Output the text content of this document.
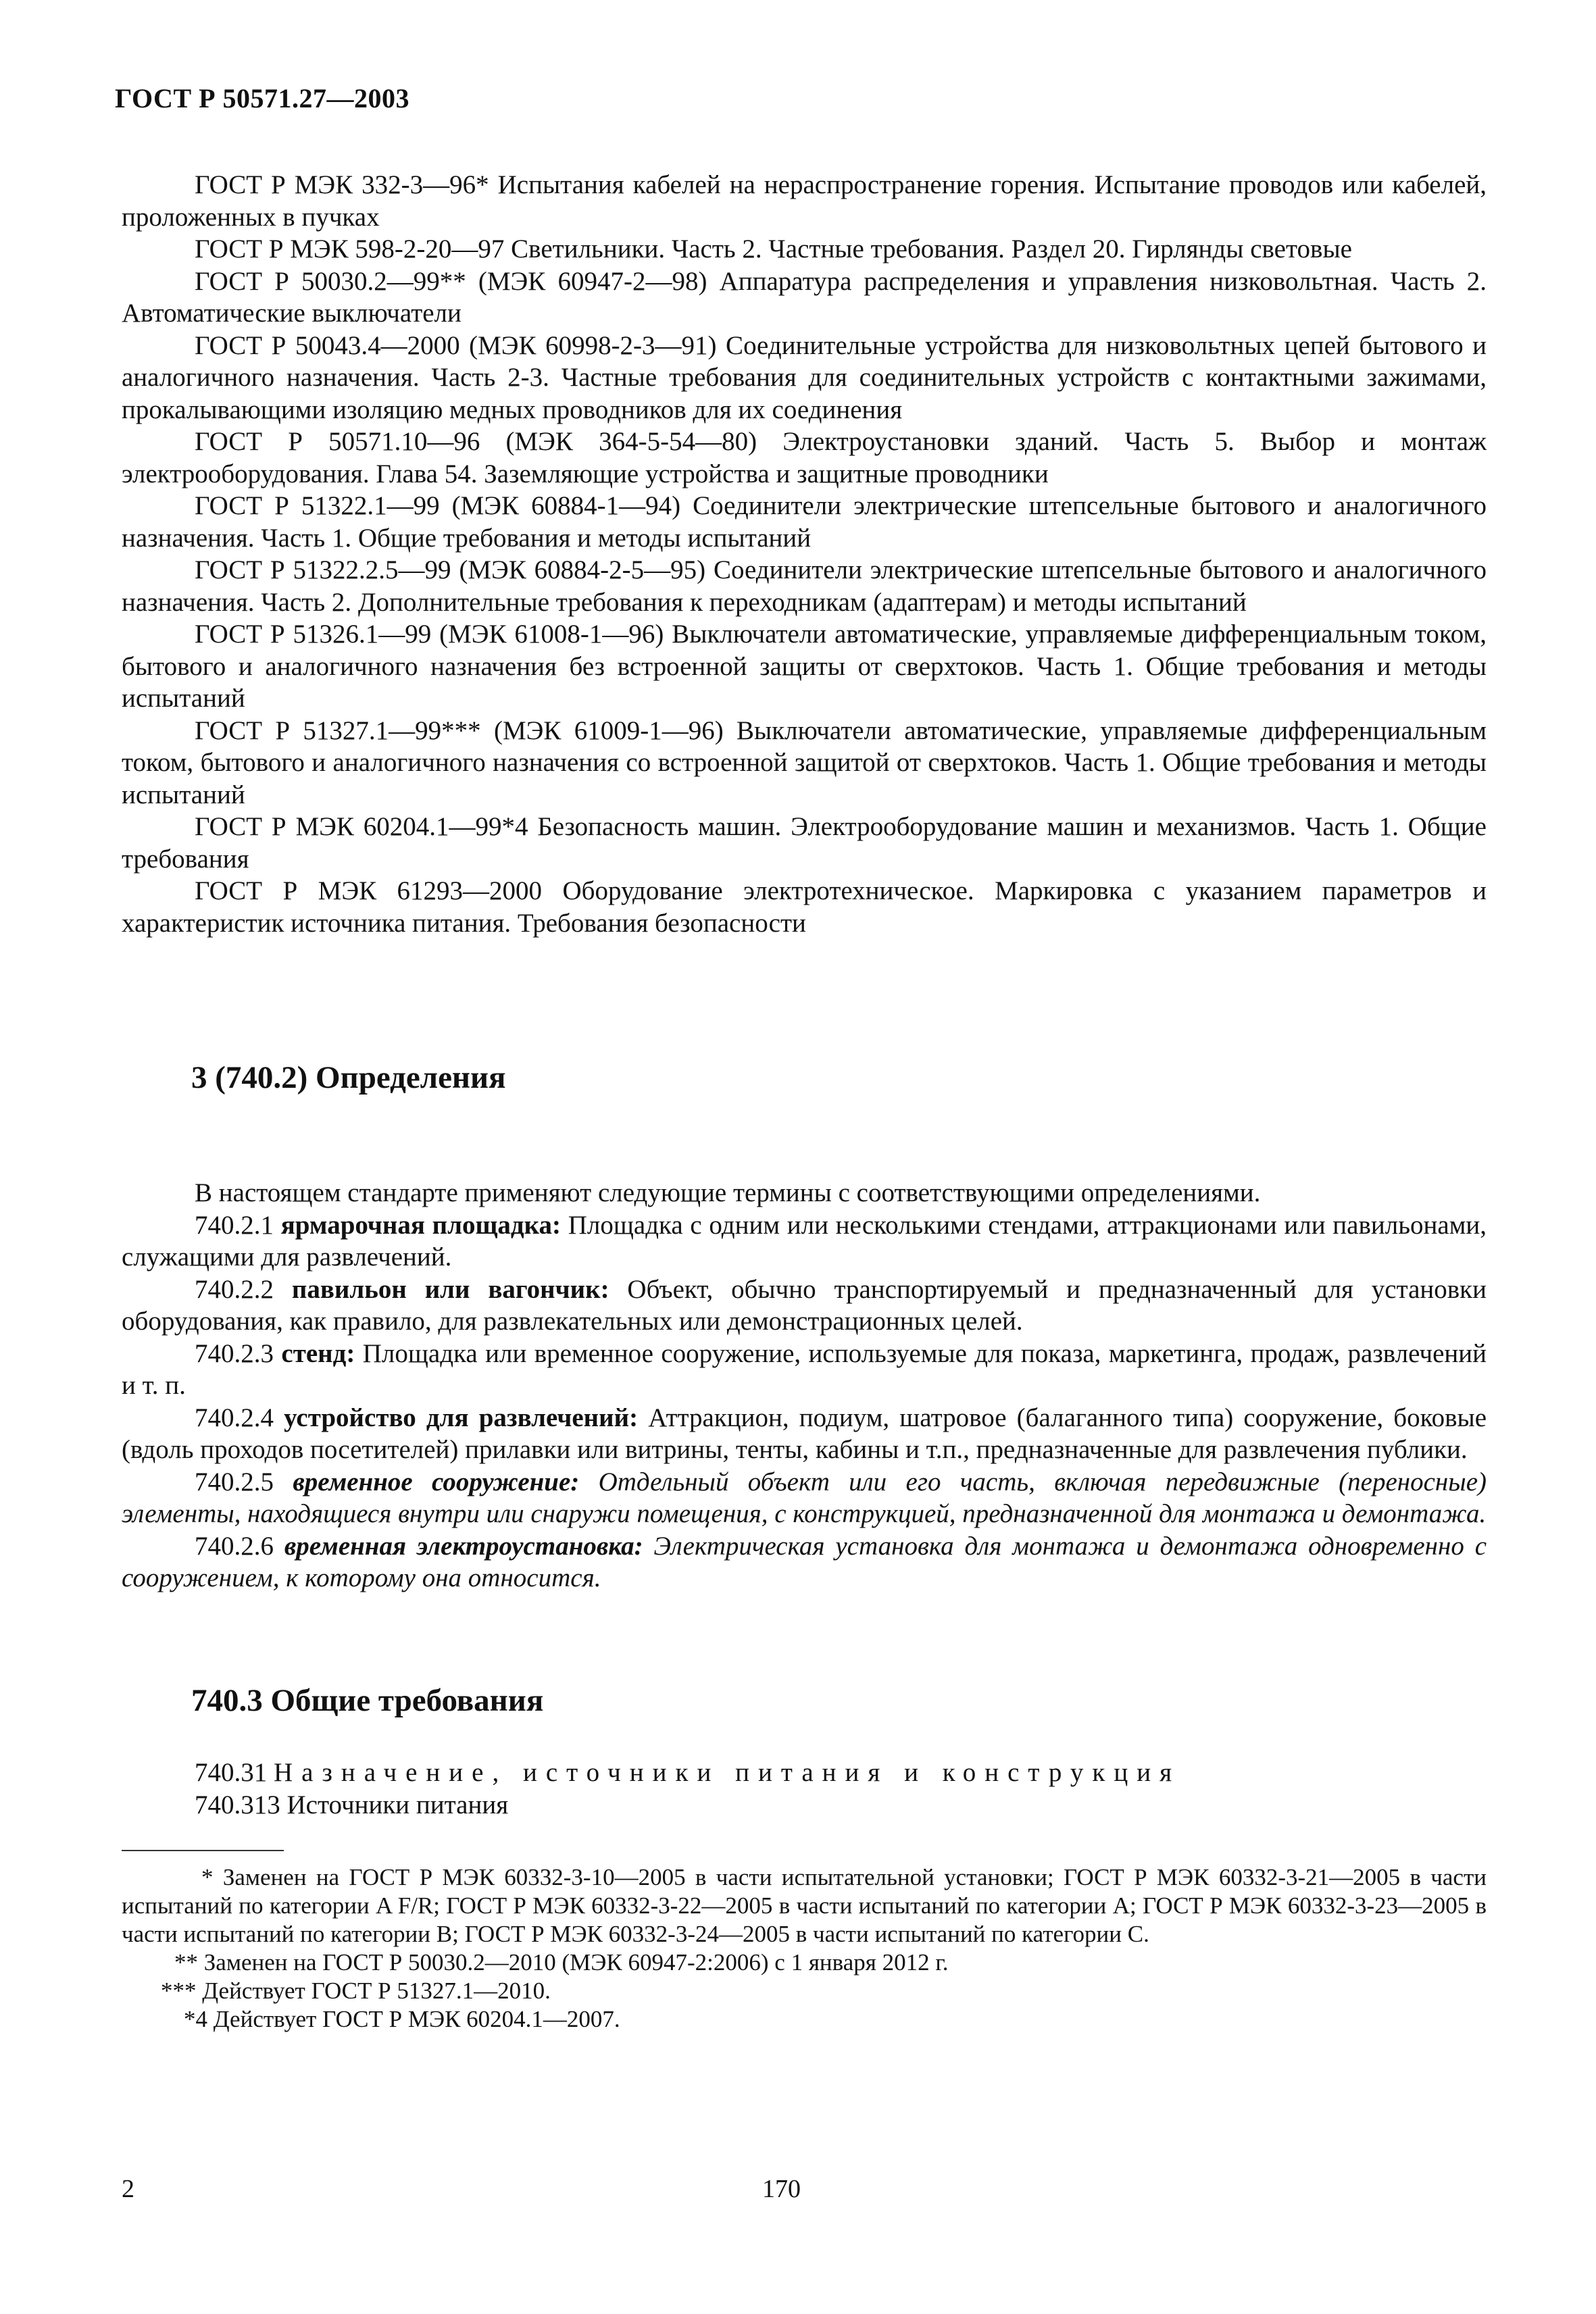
ГОСТ Р 50571.27—2003

ГОСТ Р МЭК 332-3—96* Испытания кабелей на нераспространение горения. Испытание проводов или кабелей, проложенных в пучках

ГОСТ Р МЭК 598-2-20—97 Светильники. Часть 2. Частные требования. Раздел 20. Гирлянды световые

ГОСТ Р 50030.2—99** (МЭК 60947-2—98) Аппаратура распределения и управления низковольтная. Часть 2. Автоматические выключатели

ГОСТ Р 50043.4—2000 (МЭК 60998-2-3—91) Соединительные устройства для низковольтных цепей бытового и аналогичного назначения. Часть 2-3. Частные требования для соединительных устройств с контактными зажимами, прокалывающими изоляцию медных проводников для их соединения

ГОСТ Р 50571.10—96 (МЭК 364-5-54—80) Электроустановки зданий. Часть 5. Выбор и монтаж электрооборудования. Глава 54. Заземляющие устройства и защитные проводники

ГОСТ Р 51322.1—99 (МЭК 60884-1—94) Соединители электрические штепсельные бытового и аналогичного назначения. Часть 1. Общие требования и методы испытаний

ГОСТ Р 51322.2.5—99 (МЭК 60884-2-5—95) Соединители электрические штепсельные бытового и аналогичного назначения. Часть 2. Дополнительные требования к переходникам (адаптерам) и методы испытаний

ГОСТ Р 51326.1—99 (МЭК 61008-1—96) Выключатели автоматические, управляемые дифференциальным током, бытового и аналогичного назначения без встроенной защиты от сверхтоков. Часть 1. Общие требования и методы испытаний

ГОСТ Р 51327.1—99*** (МЭК 61009-1—96) Выключатели автоматические, управляемые дифференциальным током, бытового и аналогичного назначения со встроенной защитой от сверхтоков. Часть 1. Общие требования и методы испытаний

ГОСТ Р МЭК 60204.1—99*4 Безопасность машин. Электрооборудование машин и механизмов. Часть 1. Общие требования

ГОСТ Р МЭК 61293—2000 Оборудование электротехническое. Маркировка с указанием параметров и характеристик источника питания. Требования безопасности

3 (740.2) Определения

В настоящем стандарте применяют следующие термины с соответствующими определениями.

740.2.1 ярмарочная площадка: Площадка с одним или несколькими стендами, аттракционами или павильонами, служащими для развлечений.

740.2.2 павильон или вагончик: Объект, обычно транспортируемый и предназначенный для установки оборудования, как правило, для развлекательных или демонстрационных целей.

740.2.3 стенд: Площадка или временное сооружение, используемые для показа, маркетинга, продаж, развлечений и т. п.

740.2.4 устройство для развлечений: Аттракцион, подиум, шатровое (балаганного типа) сооружение, боковые (вдоль проходов посетителей) прилавки или витрины, тенты, кабины и т.п., предназначенные для развлечения публики.

740.2.5 временное сооружение: Отдельный объект или его часть, включая передвижные (переносные) элементы, находящиеся внутри или снаружи помещения, с конструкцией, предназначенной для монтажа и демонтажа.

740.2.6 временная электроустановка: Электрическая установка для монтажа и демонтажа одновременно с сооружением, к которому она относится.

740.3 Общие требования

740.31 Назначение, источники питания и конструкция

740.313 Источники питания

* Заменен на ГОСТ Р МЭК 60332-3-10—2005 в части испытательной установки; ГОСТ Р МЭК 60332-3-21—2005 в части испытаний по категории A F/R; ГОСТ Р МЭК 60332-3-22—2005 в части испытаний по категории А; ГОСТ Р МЭК 60332-3-23—2005 в части испытаний по категории В; ГОСТ Р МЭК 60332-3-24—2005 в части испытаний по категории С.

** Заменен на ГОСТ Р 50030.2—2010 (МЭК 60947-2:2006) с 1 января 2012 г.

*** Действует ГОСТ Р 51327.1—2010.

*4 Действует ГОСТ Р МЭК 60204.1—2007.

2	170
